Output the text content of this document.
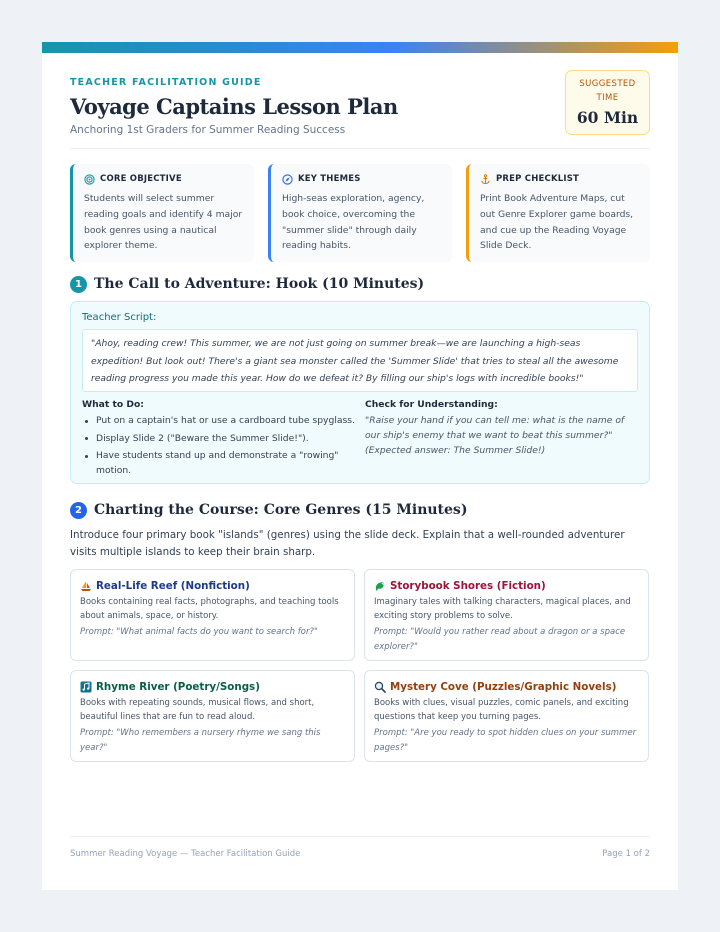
TEACHER FACILITATION GUIDE
Voyage Captains Lesson Plan
Anchoring 1st Graders for Summer Reading Success
SUGGESTED TIME
60 Min
CORE OBJECTIVE
Students will select summer reading goals and identify 4 major book genres using a nautical explorer theme.
KEY THEMES
High-seas exploration, agency, book choice, overcoming the "summer slide" through daily reading habits.
PREP CHECKLIST
Print Book Adventure Maps, cut out Genre Explorer game boards, and cue up the Reading Voyage Slide Deck.
1 The Call to Adventure: Hook (10 Minutes)
Teacher Script:
"Ahoy, reading crew! This summer, we are not just going on summer break—we are launching a high-seas expedition! But look out! There's a giant sea monster called the 'Summer Slide' that tries to steal all the awesome reading progress you made this year. How do we defeat it? By filling our ship's logs with incredible books!"
What to Do:
Put on a captain's hat or use a cardboard tube spyglass.
Display Slide 2 ("Beware the Summer Slide!").
Have students stand up and demonstrate a "rowing" motion.
Check for Understanding:
"Raise your hand if you can tell me: what is the name of our ship's enemy that we want to beat this summer?" (Expected answer: The Summer Slide!)
2 Charting the Course: Core Genres (15 Minutes)
Introduce four primary book "islands" (genres) using the slide deck. Explain that a well-rounded adventurer visits multiple islands to keep their brain sharp.
Real-Life Reef (Nonfiction)
Books containing real facts, photographs, and teaching tools about animals, space, or history.
Prompt: "What animal facts do you want to search for?"
Storybook Shores (Fiction)
Imaginary tales with talking characters, magical places, and exciting story problems to solve.
Prompt: "Would you rather read about a dragon or a space explorer?"
Rhyme River (Poetry/Songs)
Books with repeating sounds, musical flows, and short, beautiful lines that are fun to read aloud.
Prompt: "Who remembers a nursery rhyme we sang this year?"
Mystery Cove (Puzzles/Graphic Novels)
Books with clues, visual puzzles, comic panels, and exciting questions that keep you turning pages.
Prompt: "Are you ready to spot hidden clues on your summer pages?"
Summer Reading Voyage — Teacher Facilitation Guide	Page 1 of 2
